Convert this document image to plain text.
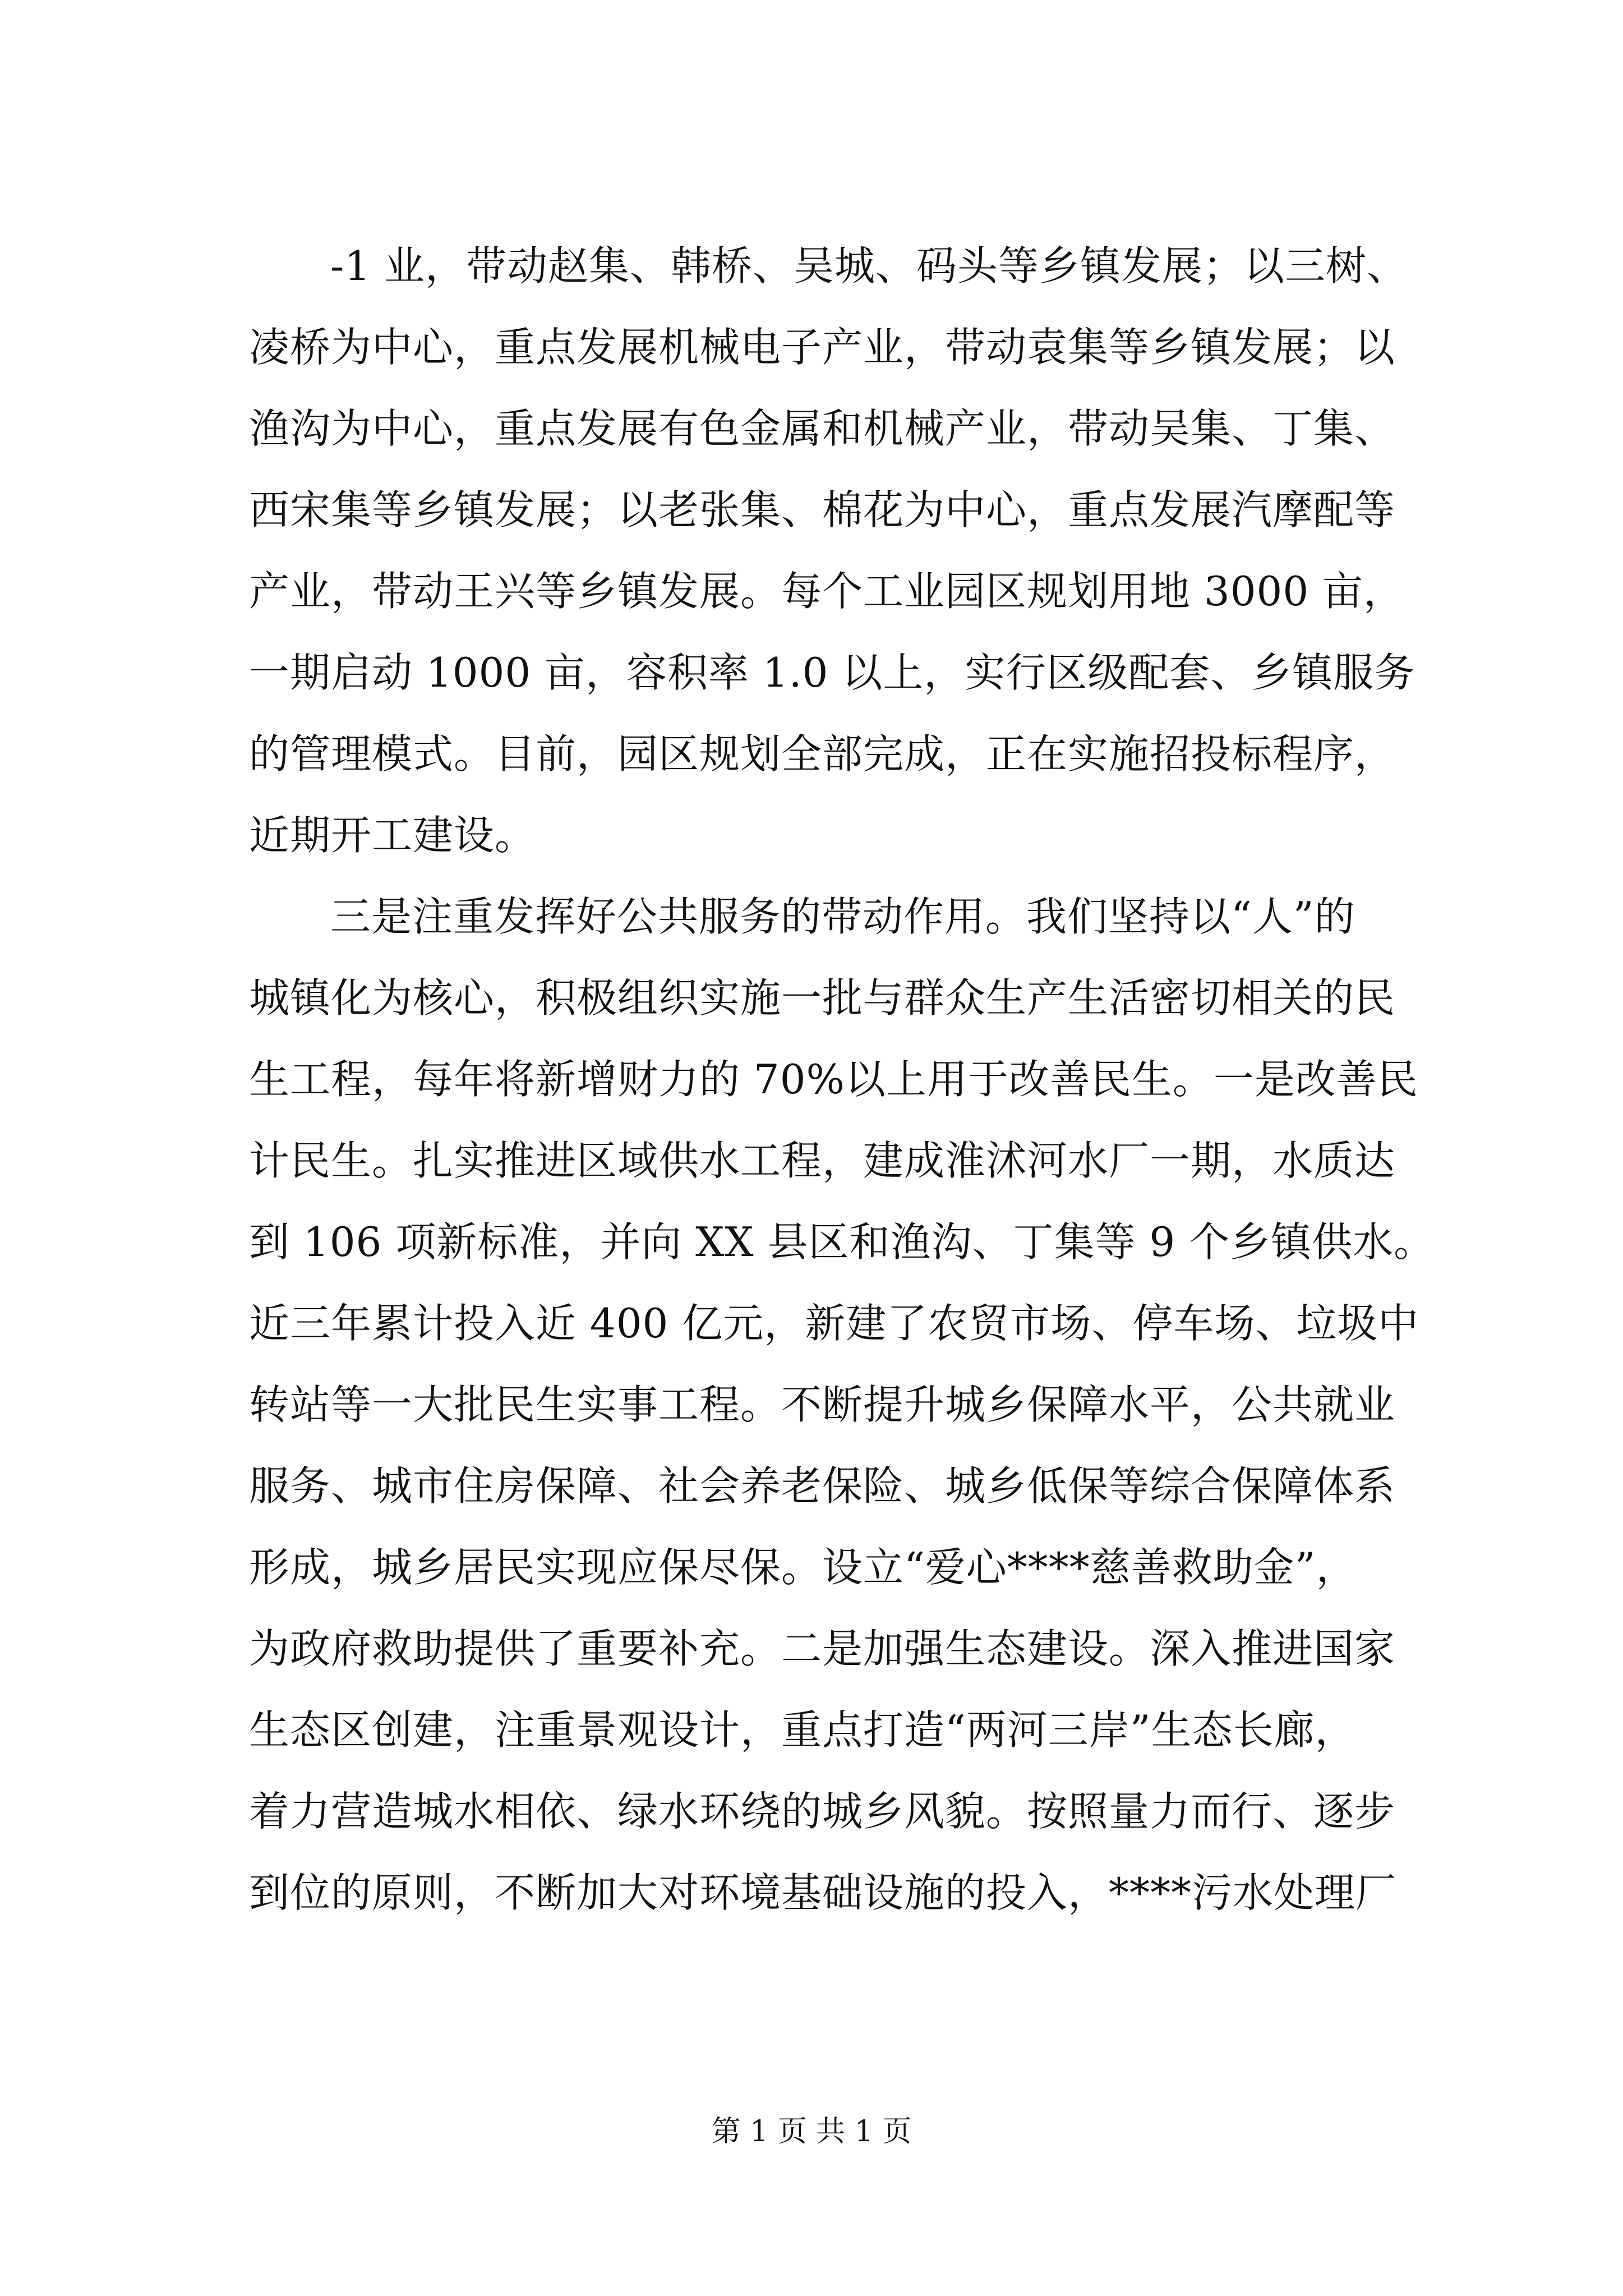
-1 业，带动赵集、韩桥、吴城、码头等乡镇发展；以三树、
凌桥为中心，重点发展机械电子产业，带动袁集等乡镇发展；以
渔沟为中心，重点发展有色金属和机械产业，带动吴集、丁集、
西宋集等乡镇发展；以老张集、棉花为中心，重点发展汽摩配等
产业，带动王兴等乡镇发展。每个工业园区规划用地 3000 亩，
一期启动 1000 亩，容积率 1.0 以上，实行区级配套、乡镇服务
的管理模式。目前，园区规划全部完成，正在实施招投标程序，
近期开工建设。
三是注重发挥好公共服务的带动作用。我们坚持以“人”的
城镇化为核心，积极组织实施一批与群众生产生活密切相关的民
生工程，每年将新增财力的 70%以上用于改善民生。一是改善民
计民生。扎实推进区域供水工程，建成淮沭河水厂一期，水质达
到 106 项新标准，并向 XX 县区和渔沟、丁集等 9 个乡镇供水。
近三年累计投入近 400 亿元，新建了农贸市场、停车场、垃圾中
转站等一大批民生实事工程。不断提升城乡保障水平，公共就业
服务、城市住房保障、社会养老保险、城乡低保等综合保障体系
形成，城乡居民实现应保尽保。设立“爱心****慈善救助金”，
为政府救助提供了重要补充。二是加强生态建设。深入推进国家
生态区创建，注重景观设计，重点打造“两河三岸”生态长廊，
着力营造城水相依、绿水环绕的城乡风貌。按照量力而行、逐步
到位的原则，不断加大对环境基础设施的投入，****污水处理厂
第 1 页 共 1 页
